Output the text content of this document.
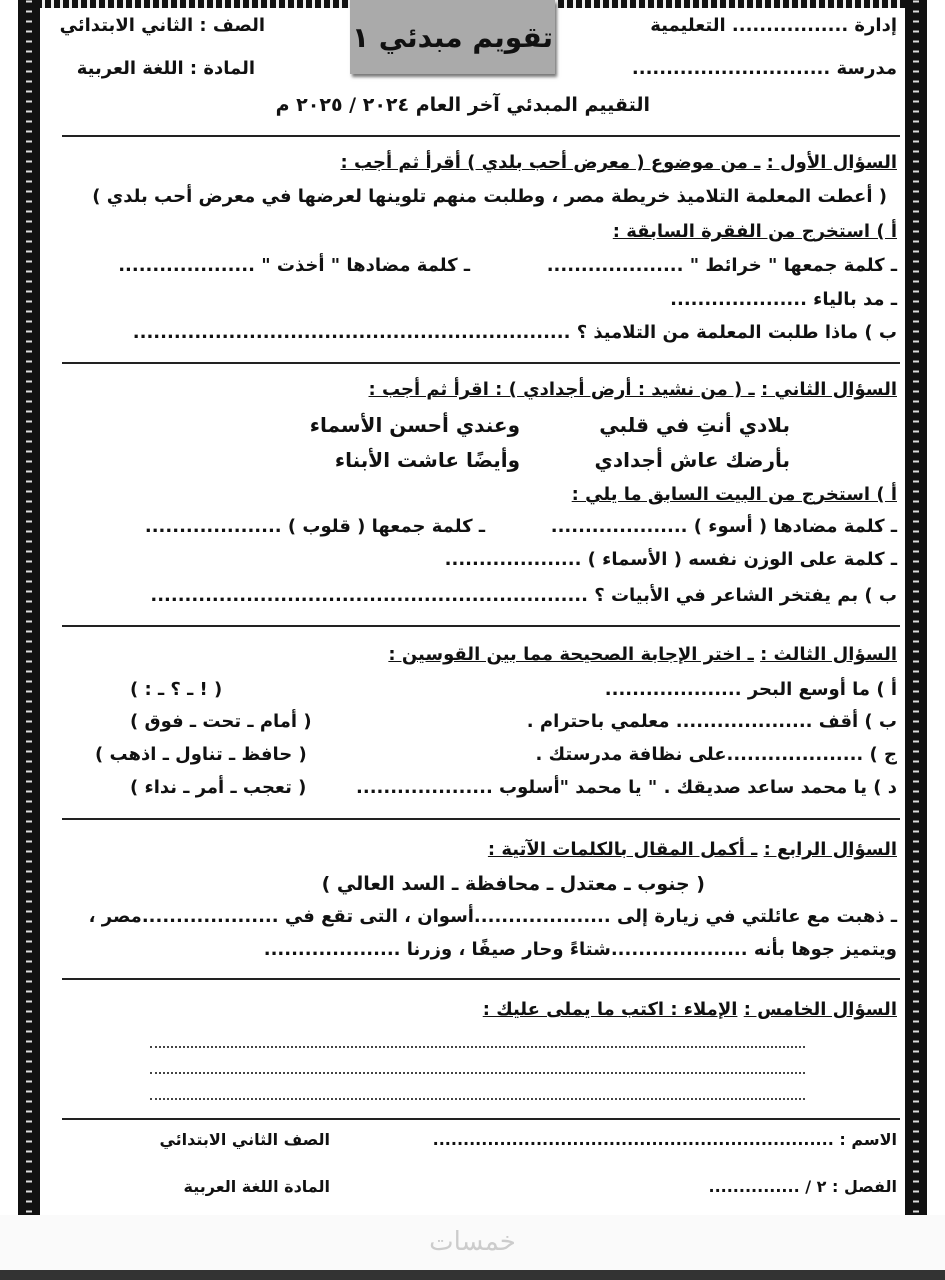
إدارة ................. التعليمية
مدرسة .............................
الصف : الثاني الابتدائي
المادة : اللغة العربية
تقويم مبدئي ١
التقييم المبدئي آخر العام ٢٠٢٤ / ٢٠٢٥ م
السؤال الأول : ـ من موضوع ( معرض أحب بلدي ) أقرأ ثم أجب :
( أعطت المعلمة التلاميذ خريطة مصر ، وطلبت منهم تلوينها لعرضها في معرض أحب بلدي )
أ ) استخرج من الفقرة السابقة :
ـ كلمة جمعها " خرائط " ....................
ـ كلمة مضادها " أخذت " ....................
ـ مد بالياء ....................
ب ) ماذا طلبت المعلمة من التلاميذ ؟ ................................................................
السؤال الثاني : ـ ( من نشيد : أرض أجدادي ) : اقرأ ثم أجب :
بلادي أنتِ في قلبي
وعندي أحسن الأسماء
بأرضك عاش أجدادي
وأيضًا عاشت الأبناء
أ ) استخرج من البيت السابق ما يلي :
ـ كلمة مضادها ( أسوء ) ....................
ـ كلمة جمعها ( قلوب ) ....................
ـ كلمة على الوزن نفسه ( الأسماء ) ....................
ب ) بم يفتخر الشاعر في الأبيات ؟ ................................................................
السؤال الثالث : ـ اختر الإجابة الصحيحة مما بين القوسين :
أ ) ما أوسع البحر ....................
( ! ـ ؟ ـ : )
ب ) أقف .................... معلمي باحترام .
( أمام ـ تحت ـ فوق )
ج ) ....................على نظافة مدرستك .
( حافظ ـ تناول ـ اذهب )
د ) يا محمد ساعد صديقك . " يا محمد "أسلوب ....................
( تعجب ـ أمر ـ نداء )
السؤال الرابع : ـ أكمل المقال بالكلمات الآتية :
( جنوب ـ معتدل ـ محافظة ـ السد العالي )
ـ ذهبت مع عائلتي في زيارة إلى ....................أسوان ، التى تقع في ....................مصر ،
ويتميز جوها بأنه ....................شتاءً وحار صيفًا ، وزرنا ....................
السؤال الخامس : الإملاء : اكتب ما يملى عليك :
الاسم : ..................................................................
الفصل : ٢ / ...............
الصف الثاني الابتدائي
المادة اللغة العربية
خمسات
